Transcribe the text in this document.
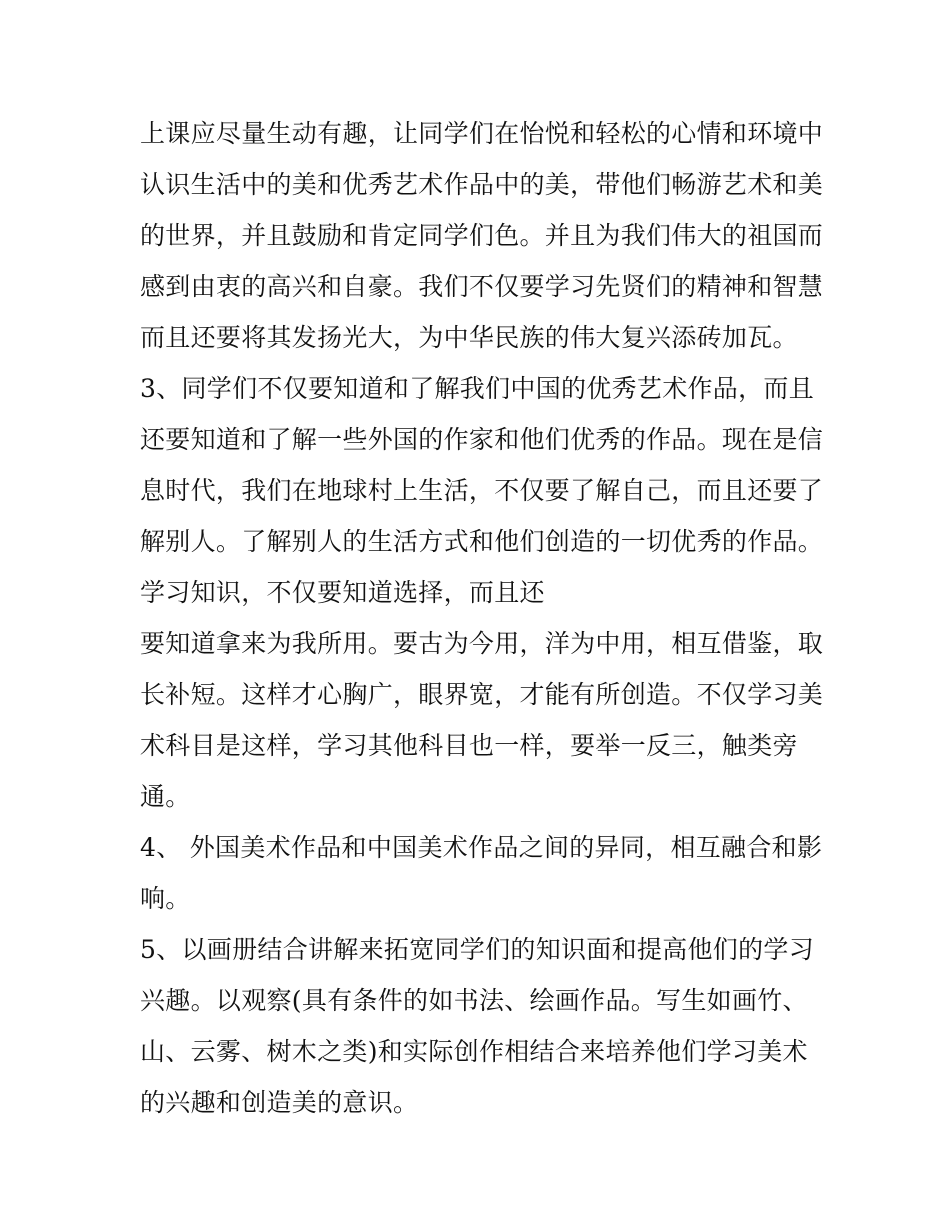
上课应尽量生动有趣，让同学们在怡悦和轻松的心情和环境中
认识生活中的美和优秀艺术作品中的美，带他们畅游艺术和美
的世界，并且鼓励和肯定同学们色。并且为我们伟大的祖国而
感到由衷的高兴和自豪。我们不仅要学习先贤们的精神和智慧
而且还要将其发扬光大，为中华民族的伟大复兴添砖加瓦。
3、同学们不仅要知道和了解我们中国的优秀艺术作品，而且
还要知道和了解一些外国的作家和他们优秀的作品。现在是信
息时代，我们在地球村上生活，不仅要了解自己，而且还要了
解别人。了解别人的生活方式和他们创造的一切优秀的作品。
学习知识，不仅要知道选择，而且还
要知道拿来为我所用。要古为今用，洋为中用，相互借鉴，取
长补短。这样才心胸广，眼界宽，才能有所创造。不仅学习美
术科目是这样，学习其他科目也一样，要举一反三，触类旁
通。
4、 外国美术作品和中国美术作品之间的异同，相互融合和影
响。
5、以画册结合讲解来拓宽同学们的知识面和提高他们的学习
兴趣。以观察(具有条件的如书法、绘画作品。写生如画竹、
山、云雾、树木之类)和实际创作相结合来培养他们学习美术
的兴趣和创造美的意识。
